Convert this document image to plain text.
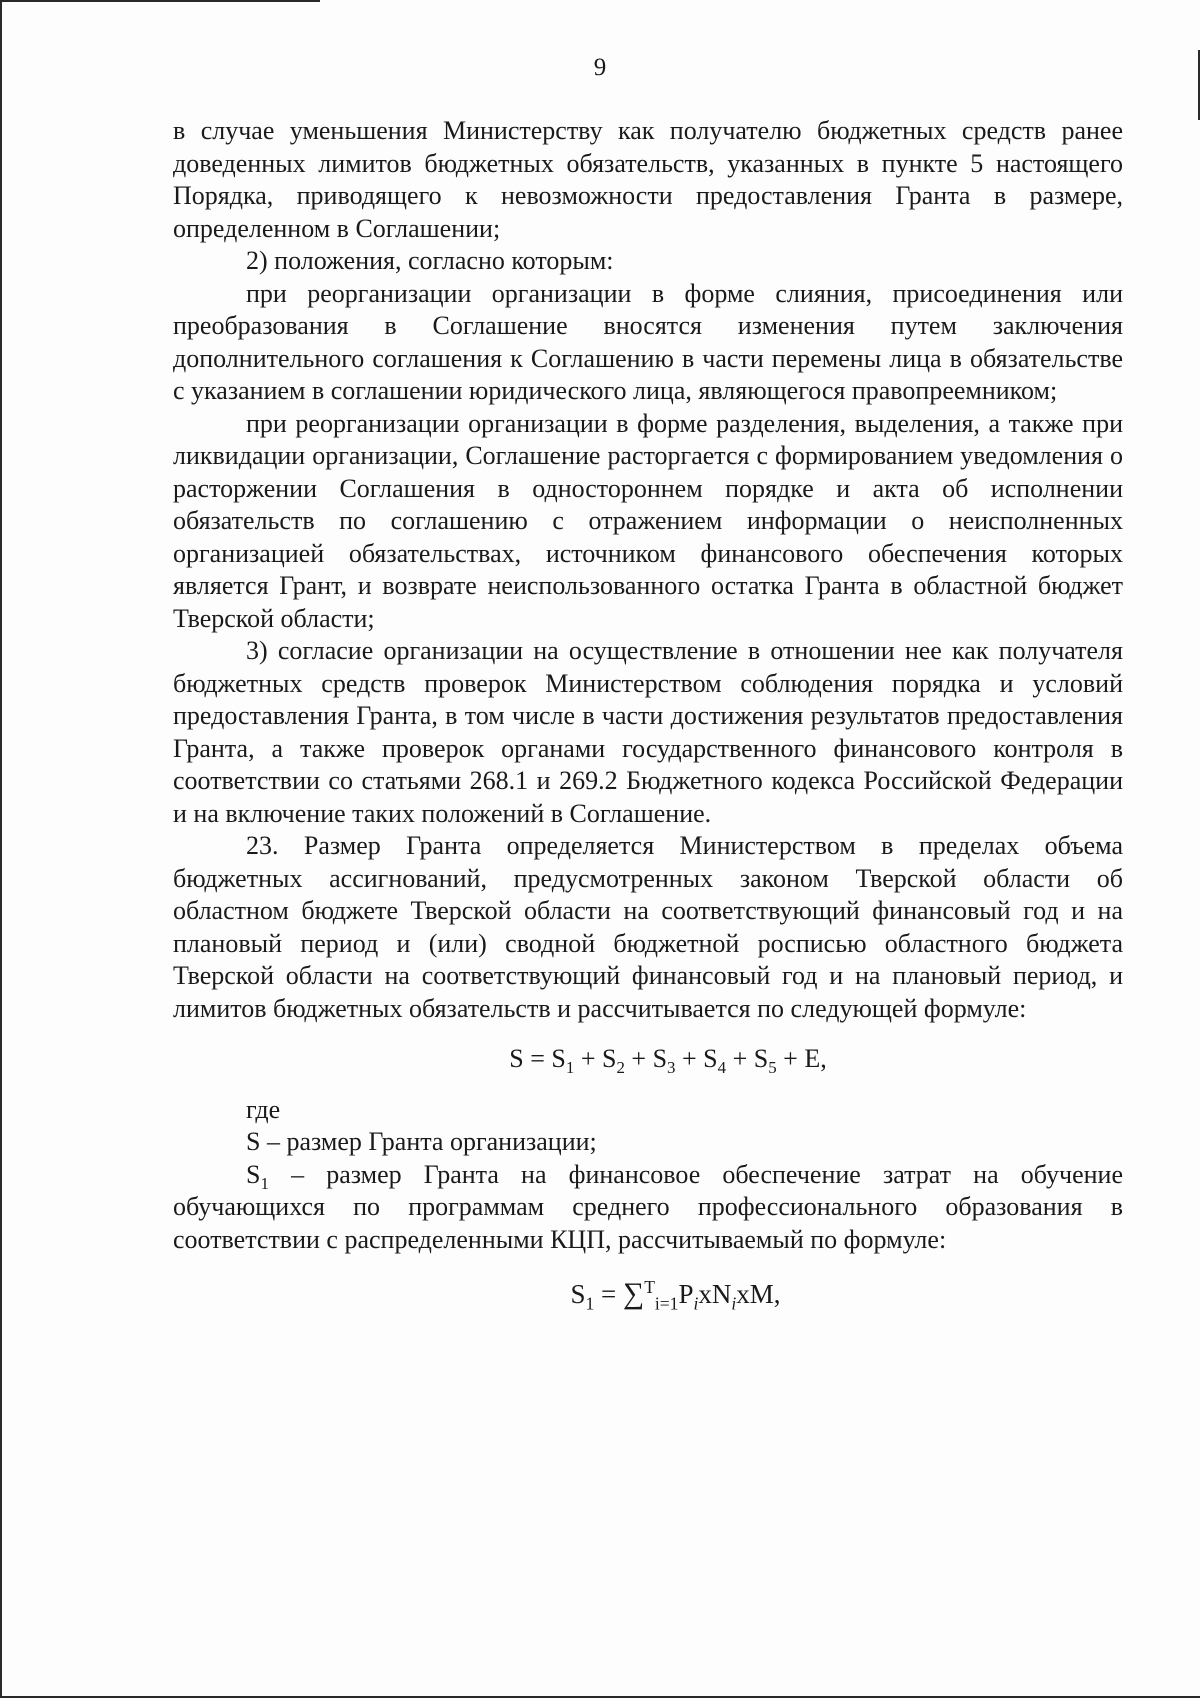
9

в случае уменьшения Министерству как получателю бюджетных средств ранее доведенных лимитов бюджетных обязательств, указанных в пункте 5 настоящего Порядка, приводящего к невозможности предоставления Гранта в размере, определенном в Соглашении;

2) положения, согласно которым:

при реорганизации организации в форме слияния, присоединения или преобразования в Соглашение вносятся изменения путем заключения дополнительного соглашения к Соглашению в части перемены лица в обязательстве с указанием в соглашении юридического лица, являющегося правопреемником;

при реорганизации организации в форме разделения, выделения, а также при ликвидации организации, Соглашение расторгается с формированием уведомления о расторжении Соглашения в одностороннем порядке и акта об исполнении обязательств по соглашению с отражением информации о неисполненных организацией обязательствах, источником финансового обеспечения которых является Грант, и возврате неиспользованного остатка Гранта в областной бюджет Тверской области;

3) согласие организации на осуществление в отношении нее как получателя бюджетных средств проверок Министерством соблюдения порядка и условий предоставления Гранта, в том числе в части достижения результатов предоставления Гранта, а также проверок органами государственного финансового контроля в соответствии со статьями 268.1 и 269.2 Бюджетного кодекса Российской Федерации и на включение таких положений в Соглашение.

23. Размер Гранта определяется Министерством в пределах объема бюджетных ассигнований, предусмотренных законом Тверской области об областном бюджете Тверской области на соответствующий финансовый год и на плановый период и (или) сводной бюджетной росписью областного бюджета Тверской области на соответствующий финансовый год и на плановый период, и лимитов бюджетных обязательств и рассчитывается по следующей формуле:

$S = S_1 + S_2 + S_3 + S_4 + S_5 + E$,

где

S – размер Гранта организации;

$S_1$ – размер Гранта на финансовое обеспечение затрат на обучение обучающихся по программам среднего профессионального образования в соответствии с распределенными КЦП, рассчитываемый по формуле:

$S_1 = \sum^T_{i=1}P_ixN_ixM$,
